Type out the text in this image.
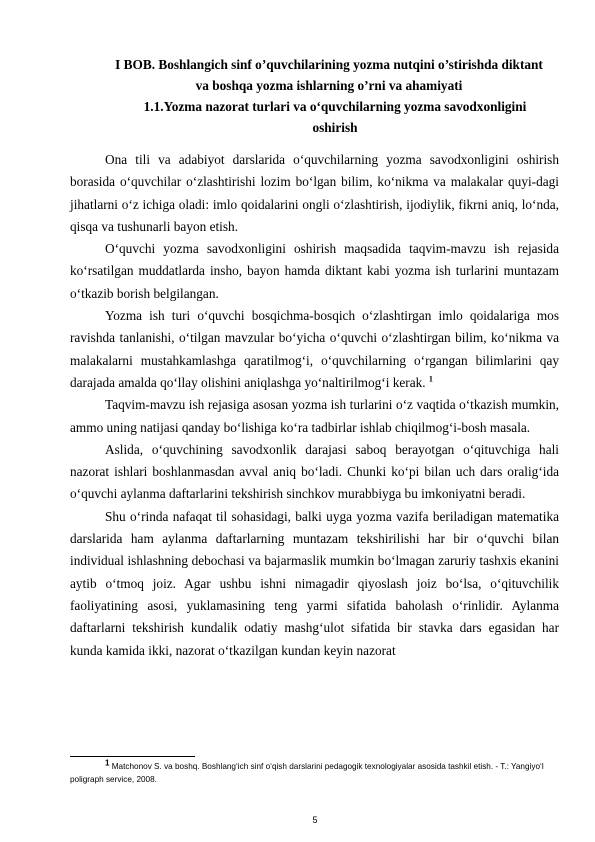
I BOB. Boshlangich sinf o’quvchilarining yozma nutqini o’stirishda diktant
va boshqa yozma ishlarning o’rni va ahamiyati
1.1.Yozma nazorat turlari va o‘quvchilarning yozma savodxonligini
oshirish

Ona tili va adabiyot darslarida o‘quvchilarning yozma savodxonligini oshirish borasida o‘quvchilar o‘zlashtirishi lozim bo‘lgan bilim, ko‘nikma va malakalar quyi-dagi jihatlarni o‘z ichiga oladi: imlo qoidalarini ongli o‘zlashtirish, ijodiylik, fikrni aniq, lo‘nda, qisqa va tushunarli bayon etish.

O‘quvchi yozma savodxonligini oshirish maqsadida taqvim-mavzu ish rejasida ko‘rsatilgan muddatlarda insho, bayon hamda diktant kabi yozma ish turlarini muntazam o‘tkazib borish belgilangan.

Yozma ish turi o‘quvchi bosqichma-bosqich o‘zlashtirgan imlo qoidalariga mos ravishda tanlanishi, o‘tilgan mavzular bo‘yicha o‘quvchi o‘zlashtirgan bilim, ko‘nikma va malakalarni mustahkamlashga qaratilmog‘i, o‘quvchilarning o‘rgangan bilimlarini qay darajada amalda qo‘llay olishini aniqlashga yo‘naltirilmog‘i kerak. $^1$

Taqvim-mavzu ish rejasiga asosan yozma ish turlarini o‘z vaqtida o‘tkazish mumkin, ammo uning natijasi qanday bo‘lishiga ko‘ra tadbirlar ishlab chiqilmog‘i-bosh masala.

Aslida, o‘quvchining savodxonlik darajasi saboq berayotgan o‘qituvchiga hali nazorat ishlari boshlanmasdan avval aniq bo‘ladi. Chunki ko‘pi bilan uch dars oralig‘ida o‘quvchi aylanma daftarlarini tekshirish sinchkov murabbiyga bu imkoniyatni beradi.

Shu o‘rinda nafaqat til sohasidagi, balki uyga yozma vazifa beriladigan matematika darslarida ham aylanma daftarlarning muntazam tekshirilishi har bir o‘quvchi bilan individual ishlashning debochasi va bajarmaslik mumkin bo‘lmagan zaruriy tashxis ekanini aytib o‘tmoq joiz. Agar ushbu ishni nimagadir qiyoslash joiz bo‘lsa, o‘qituvchilik faoliyatining asosi, yuklamasining teng yarmi sifatida baholash o‘rinlidir. Aylanma daftarlarni tekshirish kundalik odatiy mashg‘ulot sifatida bir stavka dars egasidan har kunda kamida ikki, nazorat o‘tkazilgan kundan keyin nazorat

$^1$ Matchonov S. va boshq. Boshlang‘ich sinf o‘qish darslarini pedagogik texnologiyalar asosida tashkil etish. - T.: Yangiyo‘l poligraph service, 2008.
5
